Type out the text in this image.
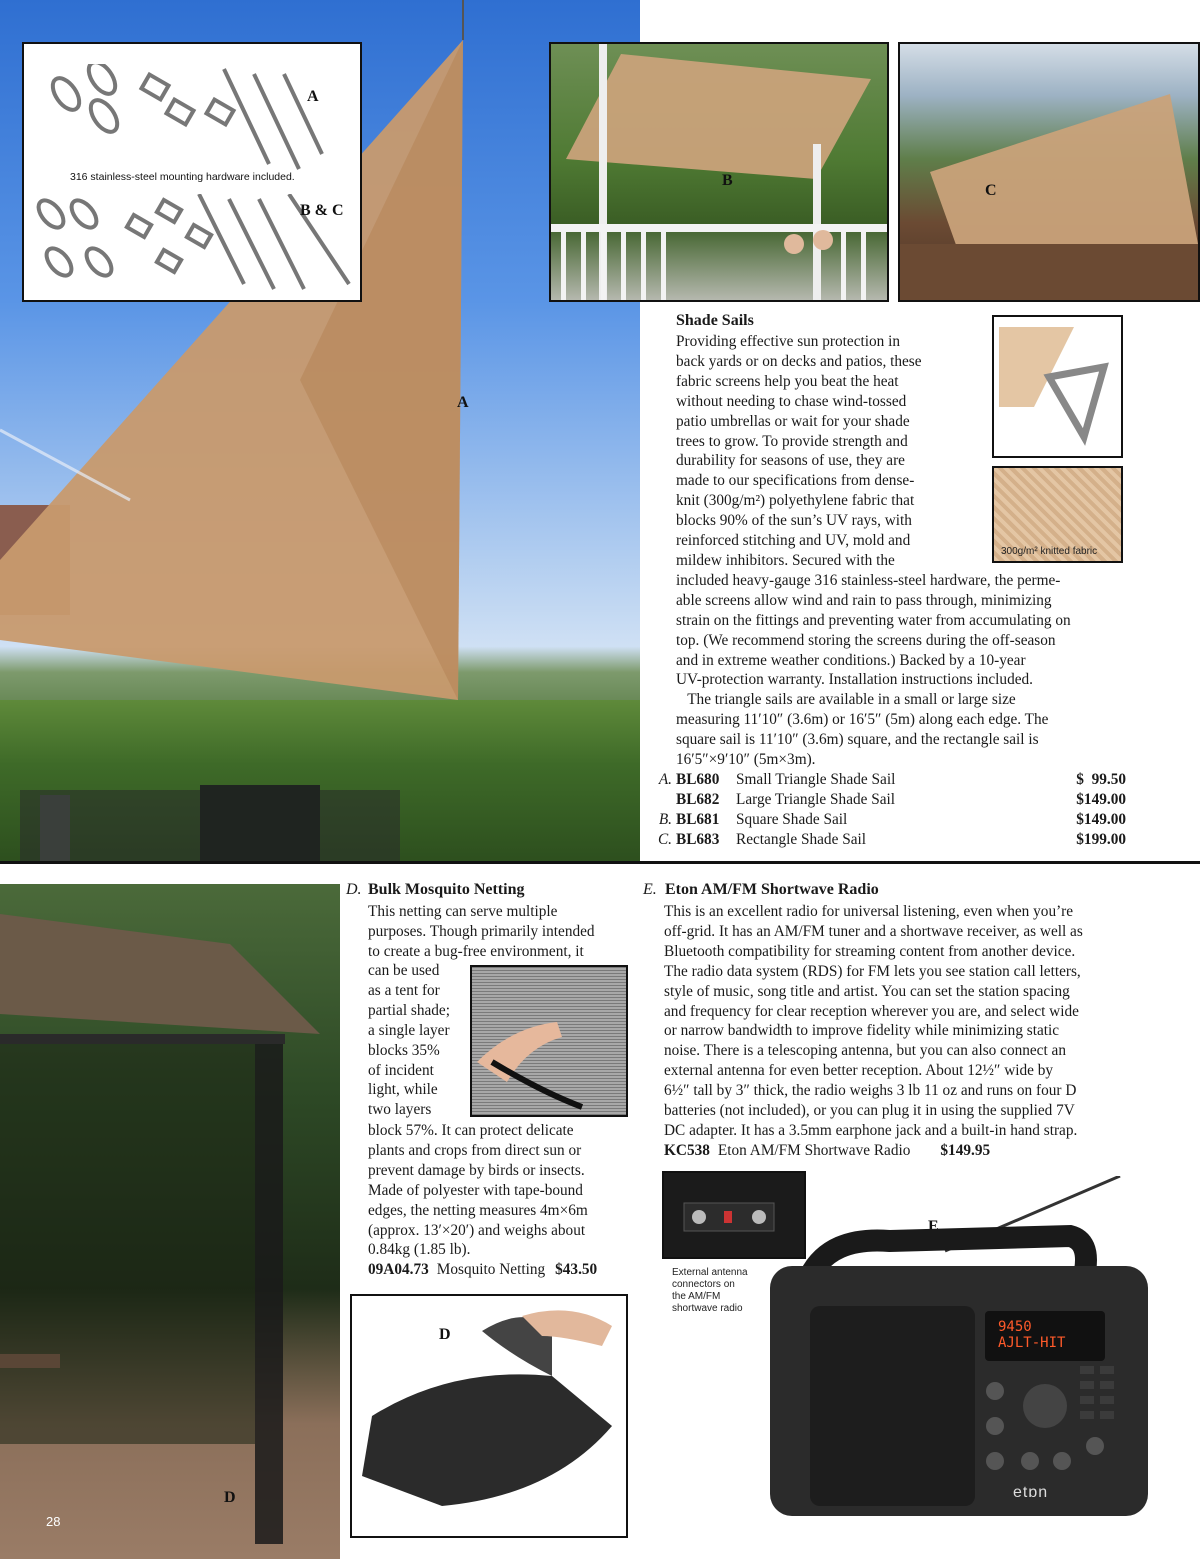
A
A
316 stainless-steel mounting hardware included.
B & C
B
C
300g/m² knitted fabric
Shade Sails
Providing effective sun protection in
back yards or on decks and patios, these
fabric screens help you beat the heat
without needing to chase wind-tossed
patio umbrellas or wait for your shade
trees to grow. To provide strength and
durability for seasons of use, they are
made to our specifications from dense-
knit (300g/m²) polyethylene fabric that
blocks 90% of the sun’s UV rays, with
reinforced stitching and UV, mold and
mildew inhibitors. Secured with the
included heavy-gauge 316 stainless-steel hardware, the perme-
able screens allow wind and rain to pass through, minimizing
strain on the fittings and preventing water from accumulating on
top. (We recommend storing the screens during the off-season
and in extreme weather conditions.) Backed by a 10-year
UV-protection warranty. Installation instructions included.
The triangle sails are available in a small or large size
measuring 11′10″ (3.6m) or 16′5″ (5m) along each edge. The
square sail is 11′10″ (3.6m) square, and the rectangle sail is
16′5″×9′10″ (5m×3m).
A. BL680	Small Triangle Shade Sail	$  99.50
BL682	Large Triangle Shade Sail	$149.00
B. BL681	Square Shade Sail	$149.00
C. BL683	Rectangle Shade Sail	$199.00
D
28
D. Bulk Mosquito Netting
This netting can serve multiple
purposes. Though primarily intended
to create a bug-free environment, it
can be used
as a tent for
partial shade;
a single layer
blocks 35%
of incident
light, while
two layers
block 57%. It can protect delicate
plants and crops from direct sun or
prevent damage by birds or insects.
Made of polyester with tape-bound
edges, the netting measures 4m×6m
(approx. 13′×20′) and weighs about
0.84kg (1.85 lb).
09A04.73 Mosquito Netting $43.50
D
E. Eton AM/FM Shortwave Radio
This is an excellent radio for universal listening, even when you’re
off-grid. It has an AM/FM tuner and a shortwave receiver, as well as
Bluetooth compatibility for streaming content from another device.
The radio data system (RDS) for FM lets you see station call letters,
style of music, song title and artist. You can set the station spacing
and frequency for clear reception wherever you are, and select wide
or narrow bandwidth to improve fidelity while minimizing static
noise. There is a telescoping antenna, but you can also connect an
external antenna for even better reception. About 12½″ wide by
6½″ tall by 3″ thick, the radio weighs 3 lb 11 oz and runs on four D
batteries (not included), or you can plug it in using the supplied 7V
DC adapter. It has a 3.5mm earphone jack and a built-in hand strap.
KC538 Eton AM/FM Shortwave Radio $149.95
External antenna
connectors on
the AM/FM
shortwave radio
E
9450
AJLT-HIT
etɒn
